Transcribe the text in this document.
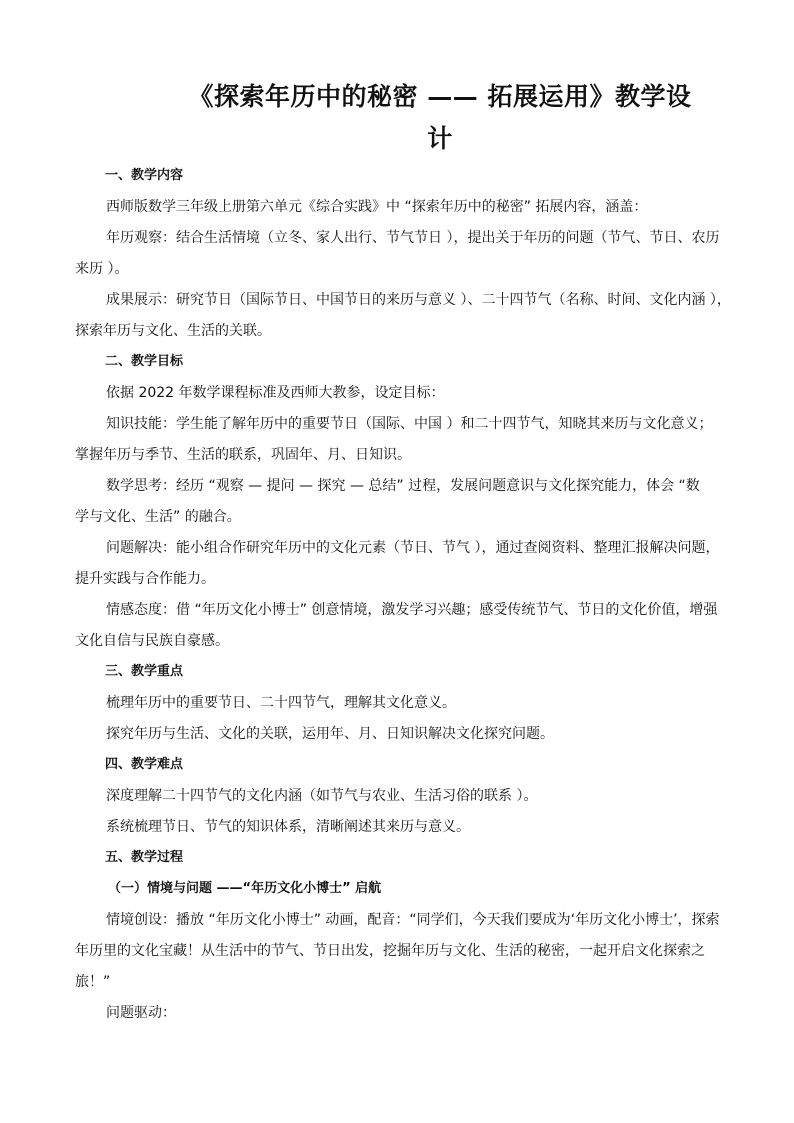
《探索年历中的秘密 —— 拓展运用》教学设
计
一、教学内容
西师版数学三年级上册第六单元《综合实践》中 “探索年历中的秘密” 拓展内容，涵盖：
年历观察：结合生活情境（立冬、家人出行、节气节日 ），提出关于年历的问题（节气、节日、农历
来历 ）。
成果展示：研究节日（国际节日、中国节日的来历与意义 ）、二十四节气（名称、时间、文化内涵 ），
探索年历与文化、生活的关联。
二、教学目标
依据 2022 年数学课程标准及西师大教参，设定目标：
知识技能：学生能了解年历中的重要节日（国际、中国 ）和二十四节气，知晓其来历与文化意义；
掌握年历与季节、生活的联系，巩固年、月、日知识。
数学思考：经历 “观察 — 提问 — 探究 — 总结” 过程，发展问题意识与文化探究能力，体会 “数
学与文化、生活” 的融合。
问题解决：能小组合作研究年历中的文化元素（节日、节气 ），通过查阅资料、整理汇报解决问题，
提升实践与合作能力。
情感态度：借 “年历文化小博士” 创意情境，激发学习兴趣；感受传统节气、节日的文化价值，增强
文化自信与民族自豪感。
三、教学重点
梳理年历中的重要节日、二十四节气，理解其文化意义。
探究年历与生活、文化的关联，运用年、月、日知识解决文化探究问题。
四、教学难点
深度理解二十四节气的文化内涵（如节气与农业、生活习俗的联系 ）。
系统梳理节日、节气的知识体系，清晰阐述其来历与意义。
五、教学过程
（一）情境与问题 ——“年历文化小博士” 启航
情境创设：播放 “年历文化小博士” 动画，配音：“同学们，今天我们要成为‘年历文化小博士’，探索
年历里的文化宝藏！从生活中的节气、节日出发，挖掘年历与文化、生活的秘密，一起开启文化探索之
旅！”
问题驱动：
